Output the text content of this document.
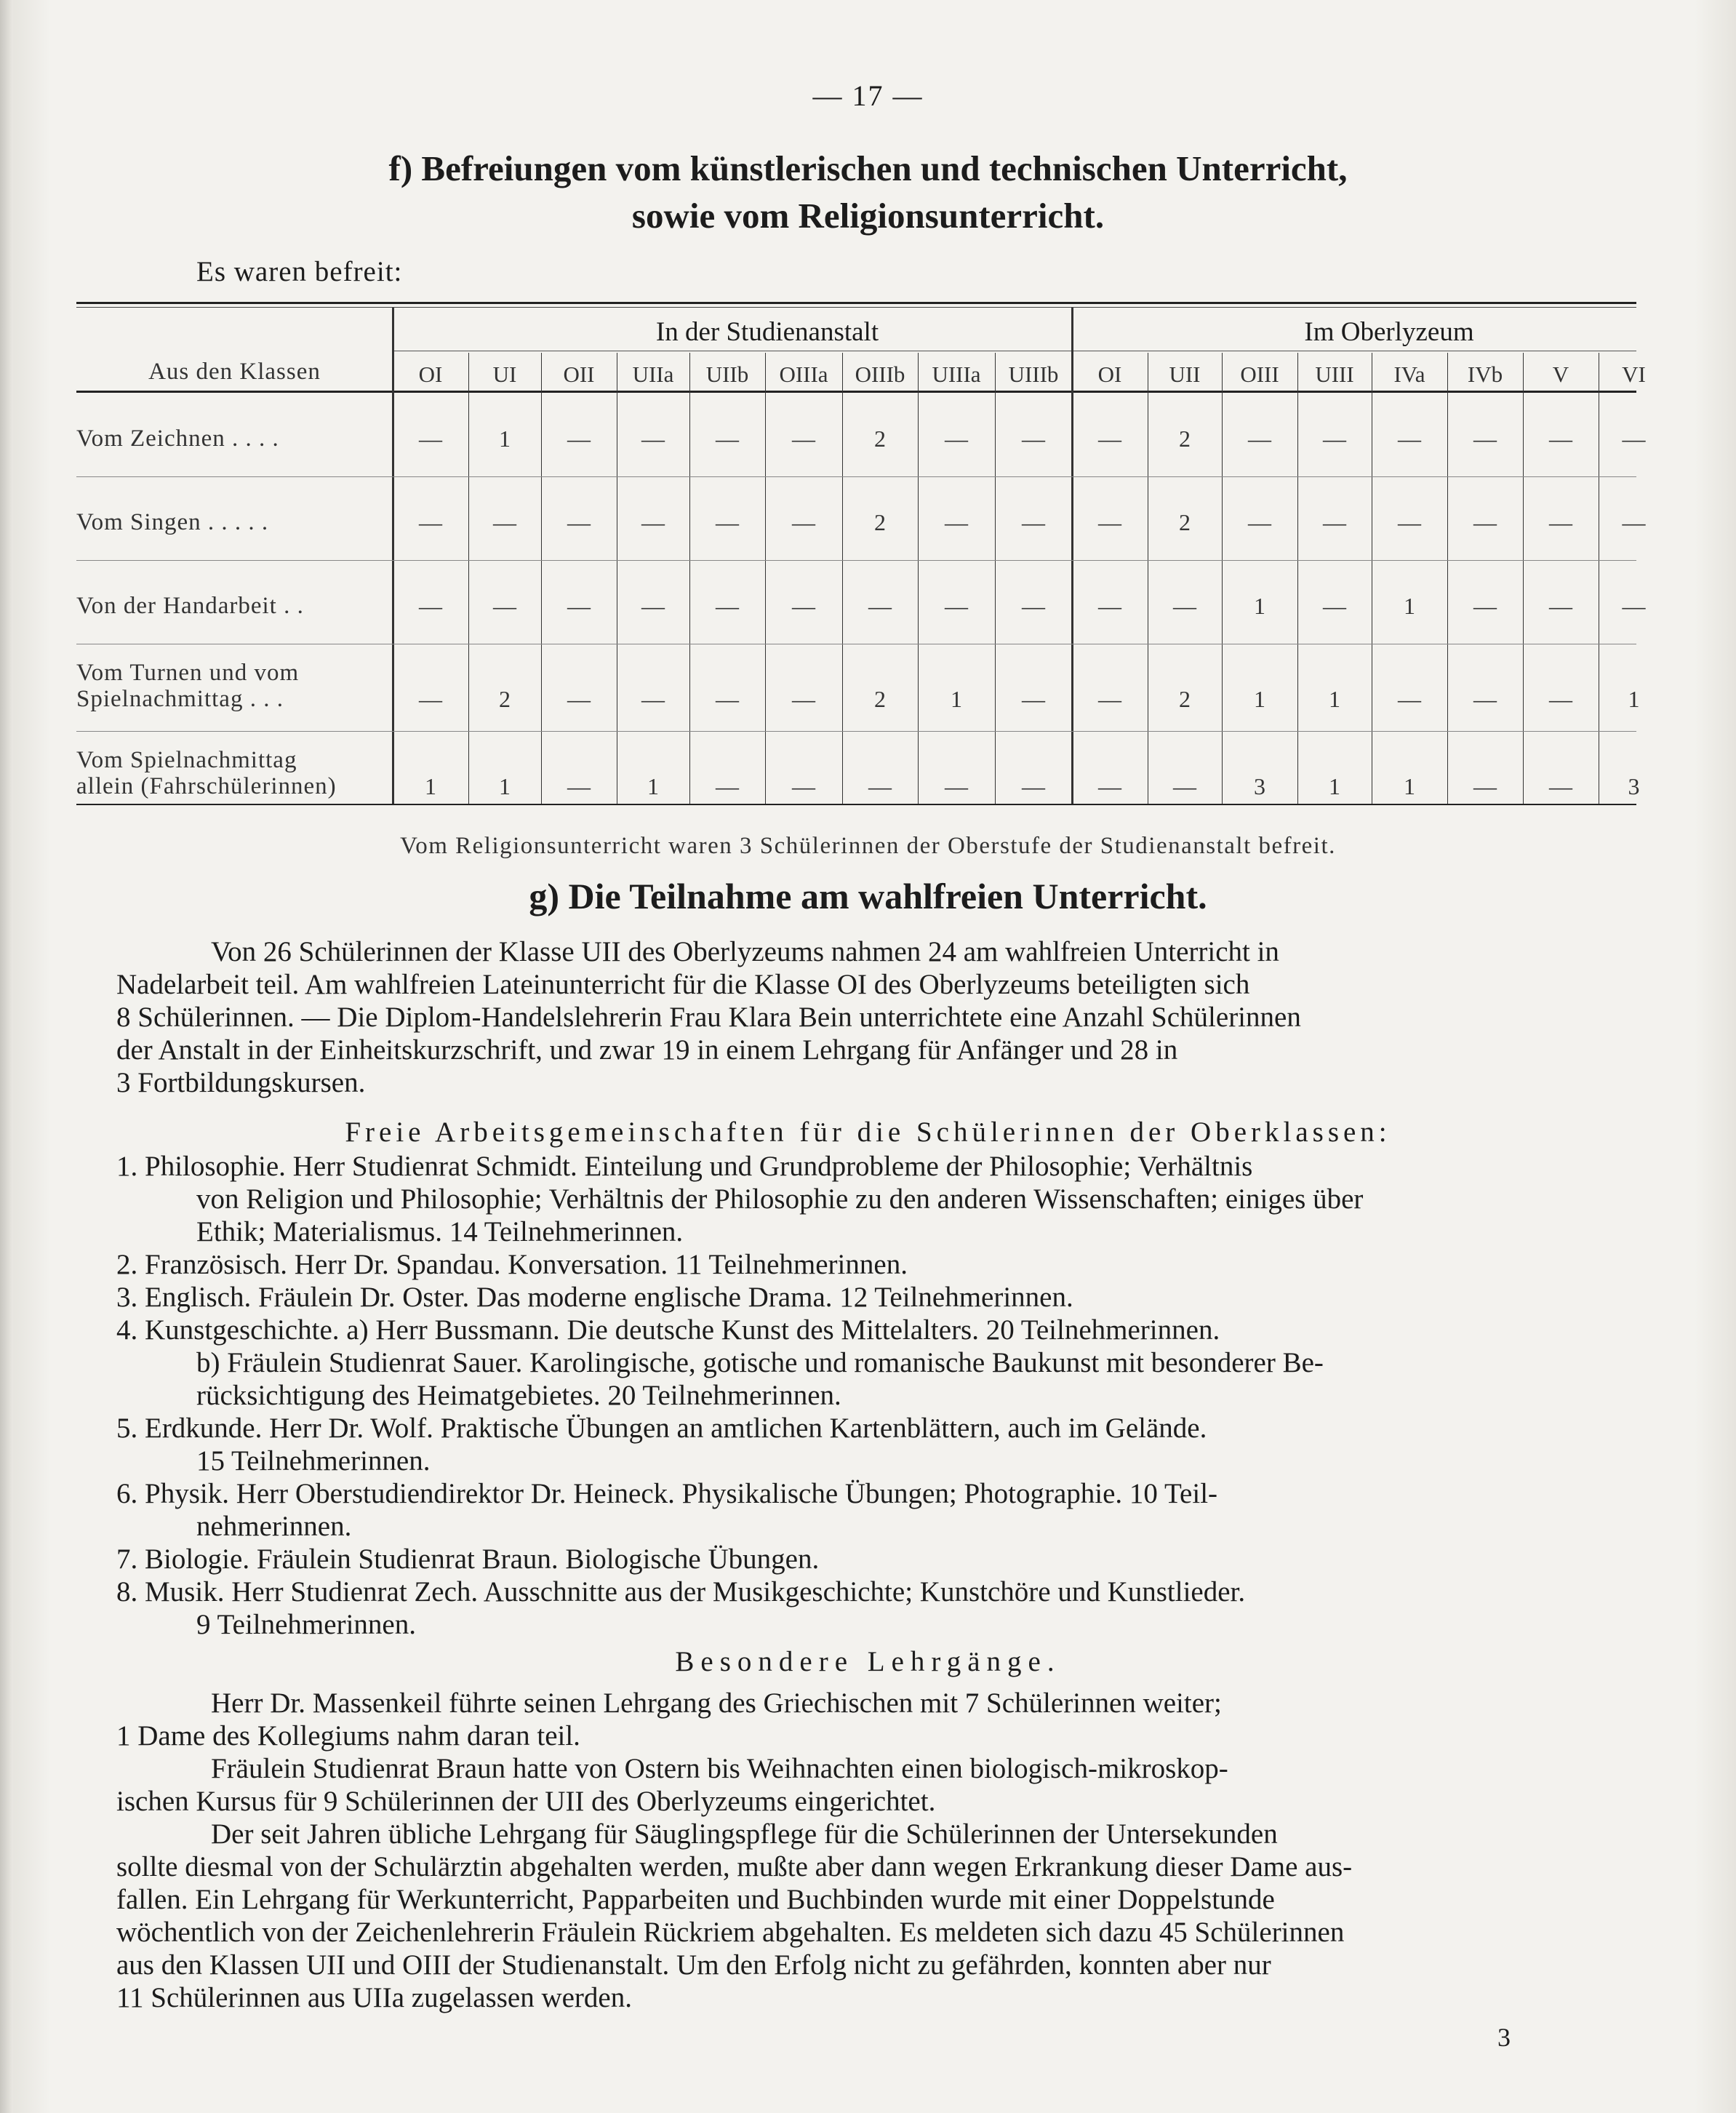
— 17 —
f) Befreiungen vom künstlerischen und technischen Unterricht,
sowie vom Religionsunterricht.
Es waren befreit:
In der Studienanstalt	Im Oberlyzeum
Aus den Klassen	OI	UI	OII	UIIa	UIIb	OIIIa	OIIIb	UIIIa	UIIIb	OI	UII	OIII	UIII	IVa	IVb	V	VI
Vom Zeichnen . . . .	—	1	—	—	—	—	2	—	—	—	2	—	—	—	—	—	—
Vom Singen . . . . .	—	—	—	—	—	—	2	—	—	—	2	—	—	—	—	—	—
Von der Handarbeit . .	—	—	—	—	—	—	—	—	—	—	—	1	—	1	—	—	—
Vom Turnen und vom
Spielnachmittag . . .	—	2	—	—	—	—	2	1	—	—	2	1	1	—	—	—	1
Vom Spielnachmittag
allein (Fahrschülerinnen)	1	1	—	1	—	—	—	—	—	—	—	3	1	1	—	—	3
Vom Religionsunterricht waren 3 Schülerinnen der Oberstufe der Studienanstalt befreit.
g) Die Teilnahme am wahlfreien Unterricht.
Von 26 Schülerinnen der Klasse UII des Oberlyzeums nahmen 24 am wahlfreien Unterricht in
Nadelarbeit teil. Am wahlfreien Lateinunterricht für die Klasse OI des Oberlyzeums beteiligten sich
8 Schülerinnen. — Die Diplom-Handelslehrerin Frau Klara Bein unterrichtete eine Anzahl Schülerinnen
der Anstalt in der Einheitskurzschrift, und zwar 19 in einem Lehrgang für Anfänger und 28 in
3 Fortbildungskursen.
Freie Arbeitsgemeinschaften für die Schülerinnen der Oberklassen:
1. Philosophie. Herr Studienrat Schmidt. Einteilung und Grundprobleme der Philosophie; Verhältnis
von Religion und Philosophie; Verhältnis der Philosophie zu den anderen Wissenschaften; einiges über
Ethik; Materialismus. 14 Teilnehmerinnen.
2. Französisch. Herr Dr. Spandau. Konversation. 11 Teilnehmerinnen.
3. Englisch. Fräulein Dr. Oster. Das moderne englische Drama. 12 Teilnehmerinnen.
4. Kunstgeschichte. a) Herr Bussmann. Die deutsche Kunst des Mittelalters. 20 Teilnehmerinnen.
b) Fräulein Studienrat Sauer. Karolingische, gotische und romanische Baukunst mit besonderer Be-
rücksichtigung des Heimatgebietes. 20 Teilnehmerinnen.
5. Erdkunde. Herr Dr. Wolf. Praktische Übungen an amtlichen Kartenblättern, auch im Gelände.
15 Teilnehmerinnen.
6. Physik. Herr Oberstudiendirektor Dr. Heineck. Physikalische Übungen; Photographie. 10 Teil-
nehmerinnen.
7. Biologie. Fräulein Studienrat Braun. Biologische Übungen.
8. Musik. Herr Studienrat Zech. Ausschnitte aus der Musikgeschichte; Kunstchöre und Kunstlieder.
9 Teilnehmerinnen.
Besondere Lehrgänge.
Herr Dr. Massenkeil führte seinen Lehrgang des Griechischen mit 7 Schülerinnen weiter;
1 Dame des Kollegiums nahm daran teil.
Fräulein Studienrat Braun hatte von Ostern bis Weihnachten einen biologisch-mikroskop-
ischen Kursus für 9 Schülerinnen der UII des Oberlyzeums eingerichtet.
Der seit Jahren übliche Lehrgang für Säuglingspflege für die Schülerinnen der Untersekunden
sollte diesmal von der Schulärztin abgehalten werden, mußte aber dann wegen Erkrankung dieser Dame aus-
fallen. Ein Lehrgang für Werkunterricht, Papparbeiten und Buchbinden wurde mit einer Doppelstunde
wöchentlich von der Zeichenlehrerin Fräulein Rückriem abgehalten. Es meldeten sich dazu 45 Schülerinnen
aus den Klassen UII und OIII der Studienanstalt. Um den Erfolg nicht zu gefährden, konnten aber nur
11 Schülerinnen aus UIIa zugelassen werden.
3
